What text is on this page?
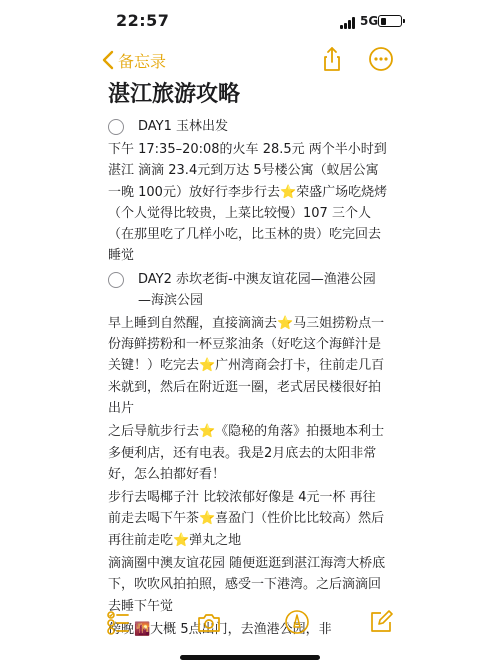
22:57	5G
备忘录
湛江旅游攻略
DAY1 玉林出发

下午 17:35–20:08的火车 28.5元 两个半小时到湛江 滴滴 23.4元到万达 5号楼公寓（蚁居公寓一晚 100元）放好行李步行去⭐荣盛广场吃烧烤（个人觉得比较贵，上菜比较慢）107 三个人（在那里吃了几样小吃，比玉林的贵）吃完回去睡觉

DAY2 赤坎老街-中澳友谊花园—渔港公园—海滨公园

早上睡到自然醒，直接滴滴去⭐马三姐捞粉点一份海鲜捞粉和一杯豆浆油条（好吃这个海鲜汁是关键！）吃完去⭐广州湾商会打卡，往前走几百米就到，然后在附近逛一圈，老式居民楼很好拍出片

之后导航步行去⭐《隐秘的角落》拍摄地本利士多便利店，还有电表。我是2月底去的太阳非常好，怎么拍都好看！

步行去喝椰子汁 比较浓郁好像是 4元一杯 再往前走去喝下午茶⭐喜盈门（性价比比较高）然后再往前走吃⭐弹丸之地

滴滴圈中澳友谊花园 随便逛逛到湛江海湾大桥底下，吹吹风拍拍照，感受一下港湾。之后滴滴回去睡下午觉

傍晚🌇大概 5点出门，去渔港公园，非
